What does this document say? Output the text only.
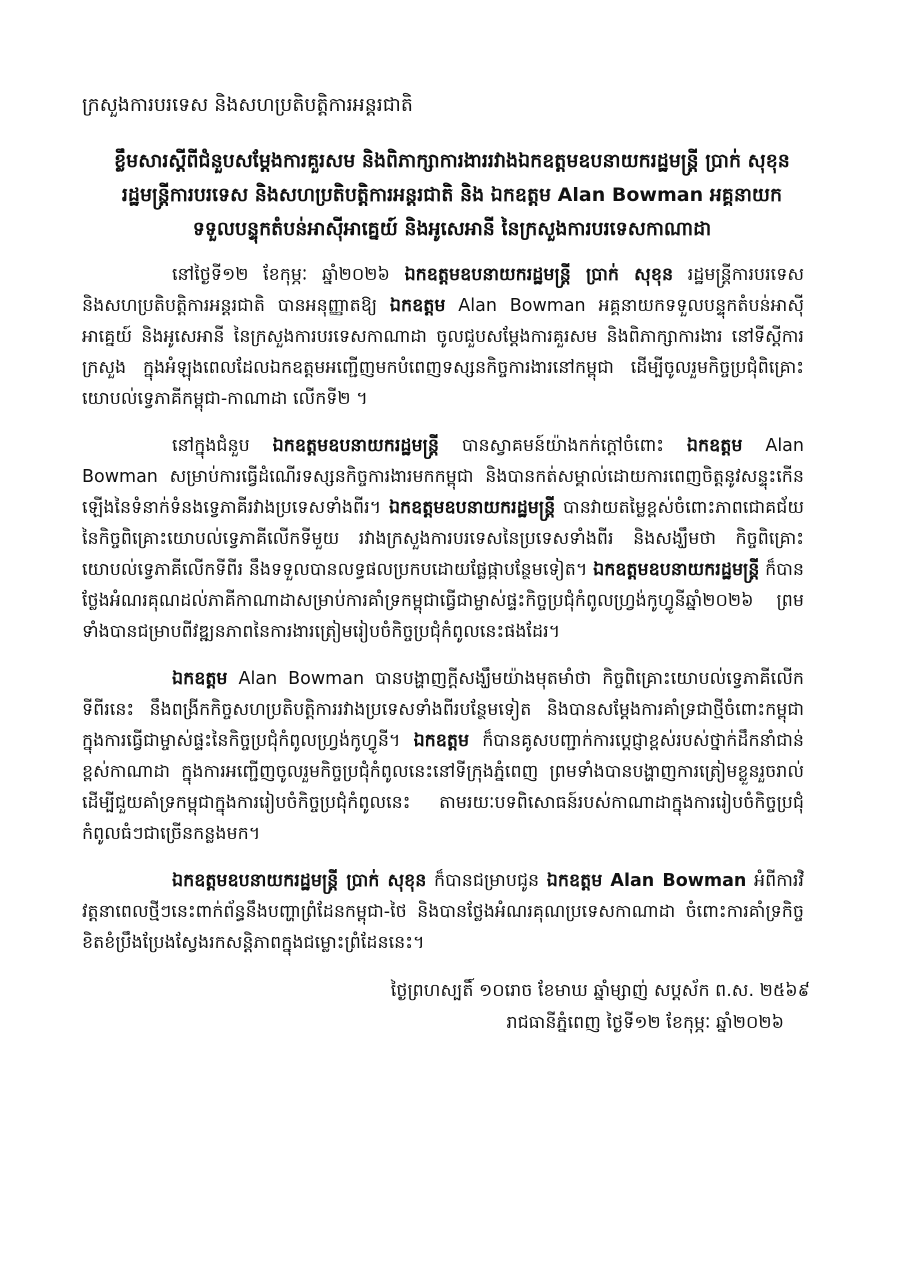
ក្រសួងការបរទេស និងសហប្រតិបត្តិការអន្តរជាតិ
ខ្លឹមសារស្តីពីជំនួបសម្តែងការគួរសម និងពិភាក្សាការងាររវាងឯកឧត្តមឧបនាយករដ្ឋមន្ត្រី ប្រាក់ សុខុន
រដ្ឋមន្ត្រីការបរទេស និងសហប្រតិបត្តិការអន្តរជាតិ និង ឯកឧត្តម Alan Bowman អគ្គនាយក
ទទួលបន្ទុកតំបន់អាស៊ីអាគ្នេយ៍ និងអូសេអានី នៃក្រសួងការបរទេសកាណាដា

នៅថ្ងៃទី១២ ខែកុម្ភៈ ឆ្នាំ២០២៦ ឯកឧត្តមឧបនាយករដ្ឋមន្ត្រី ប្រាក់ សុខុន រដ្ឋមន្ត្រីការបរទេស និងសហប្រតិបត្តិការអន្តរជាតិ បានអនុញ្ញាតឱ្យ ឯកឧត្តម Alan Bowman អគ្គនាយកទទួលបន្ទុកតំបន់អាស៊ីអាគ្នេយ៍ និងអូសេអានី នៃក្រសួងការបរទេសកាណាដា ចូលជួបសម្តែងការគួរសម និងពិភាក្សាការងារ នៅទីស្តីការក្រសួង ក្នុងអំឡុងពេលដែលឯកឧត្តមអញ្ជើញមកបំពេញទស្សនកិច្ចការងារនៅកម្ពុជា ដើម្បីចូលរួមកិច្ចប្រជុំពិគ្រោះយោបល់ទ្វេភាគីកម្ពុជា-កាណាដា លើកទី២ ។

នៅក្នុងជំនួប ឯកឧត្តមឧបនាយករដ្ឋមន្ត្រី បានស្វាគមន៍យ៉ាងកក់ក្តៅចំពោះ ឯកឧត្តម Alan Bowman សម្រាប់ការធ្វើដំណើរទស្សនកិច្ចការងារមកកម្ពុជា និងបានកត់សម្គាល់ដោយការពេញចិត្តនូវសន្ទុះកើនឡើងនៃទំនាក់ទំនងទ្វេភាគីរវាងប្រទេសទាំងពីរ។ ឯកឧត្តមឧបនាយករដ្ឋមន្ត្រី បានវាយតម្លៃខ្ពស់ចំពោះភាពជោគជ័យនៃកិច្ចពិគ្រោះយោបល់ទ្វេភាគីលើកទីមួយ រវាងក្រសួងការបរទេសនៃប្រទេសទាំងពីរ និងសង្ឃឹមថា កិច្ចពិគ្រោះយោបល់ទ្វេភាគីលើកទីពីរ នឹងទទួលបានលទ្ធផលប្រកបដោយផ្លែផ្កាបន្ថែមទៀត។ ឯកឧត្តមឧបនាយករដ្ឋមន្ត្រី ក៏បានថ្លែងអំណរគុណដល់ភាគីកាណាដាសម្រាប់ការគាំទ្រកម្ពុជាធ្វើជាម្ចាស់ផ្ទះកិច្ចប្រជុំកំពូលហ្វ្រង់កូហ្វូនីឆ្នាំ២០២៦ ព្រមទាំងបានជម្រាបពីវឌ្ឍនភាពនៃការងារត្រៀមរៀបចំកិច្ចប្រជុំកំពូលនេះផងដែរ។

ឯកឧត្តម Alan Bowman បានបង្ហាញក្តីសង្ឃឹមយ៉ាងមុតមាំថា កិច្ចពិគ្រោះយោបល់ទ្វេភាគីលើកទីពីរនេះ នឹងពង្រីកកិច្ចសហប្រតិបត្តិការរវាងប្រទេសទាំងពីរបន្ថែមទៀត និងបានសម្តែងការគាំទ្រជាថ្មីចំពោះកម្ពុជាក្នុងការធ្វើជាម្ចាស់ផ្ទះនៃកិច្ចប្រជុំកំពូលហ្វ្រង់កូហ្វូនី។ ឯកឧត្តម ក៏បានគូសបញ្ជាក់ការប្តេជ្ញាខ្ពស់របស់ថ្នាក់ដឹកនាំជាន់ខ្ពស់កាណាដា ក្នុងការអញ្ជើញចូលរួមកិច្ចប្រជុំកំពូលនេះនៅទីក្រុងភ្នំពេញ ព្រមទាំងបានបង្ហាញការត្រៀមខ្លួនរួចរាល់ ដើម្បីជួយគាំទ្រកម្ពុជាក្នុងការរៀបចំកិច្ចប្រជុំកំពូលនេះ តាមរយៈបទពិសោធន៍របស់កាណាដាក្នុងការរៀបចំកិច្ចប្រជុំកំពូលធំៗជាច្រើនកន្លងមក។

ឯកឧត្តមឧបនាយករដ្ឋមន្ត្រី ប្រាក់ សុខុន ក៏បានជម្រាបជូន ឯកឧត្តម Alan Bowman អំពីការវិវត្តនាពេលថ្មីៗនេះពាក់ព័ន្ធនឹងបញ្ហាព្រំដែនកម្ពុជា-ថៃ និងបានថ្លែងអំណរគុណប្រទេសកាណាដា ចំពោះការគាំទ្រកិច្ចខិតខំប្រឹងប្រែងស្វែងរកសន្តិភាពក្នុងជម្លោះព្រំដែននេះ។

ថ្ងៃព្រហស្បតិ៍ ១០រោច ខែមាឃ ឆ្នាំម្សាញ់ សប្តស័ក ព.ស. ២៥៦៩
រាជធានីភ្នំពេញ ថ្ងៃទី១២ ខែកុម្ភៈ ឆ្នាំ២០២៦
